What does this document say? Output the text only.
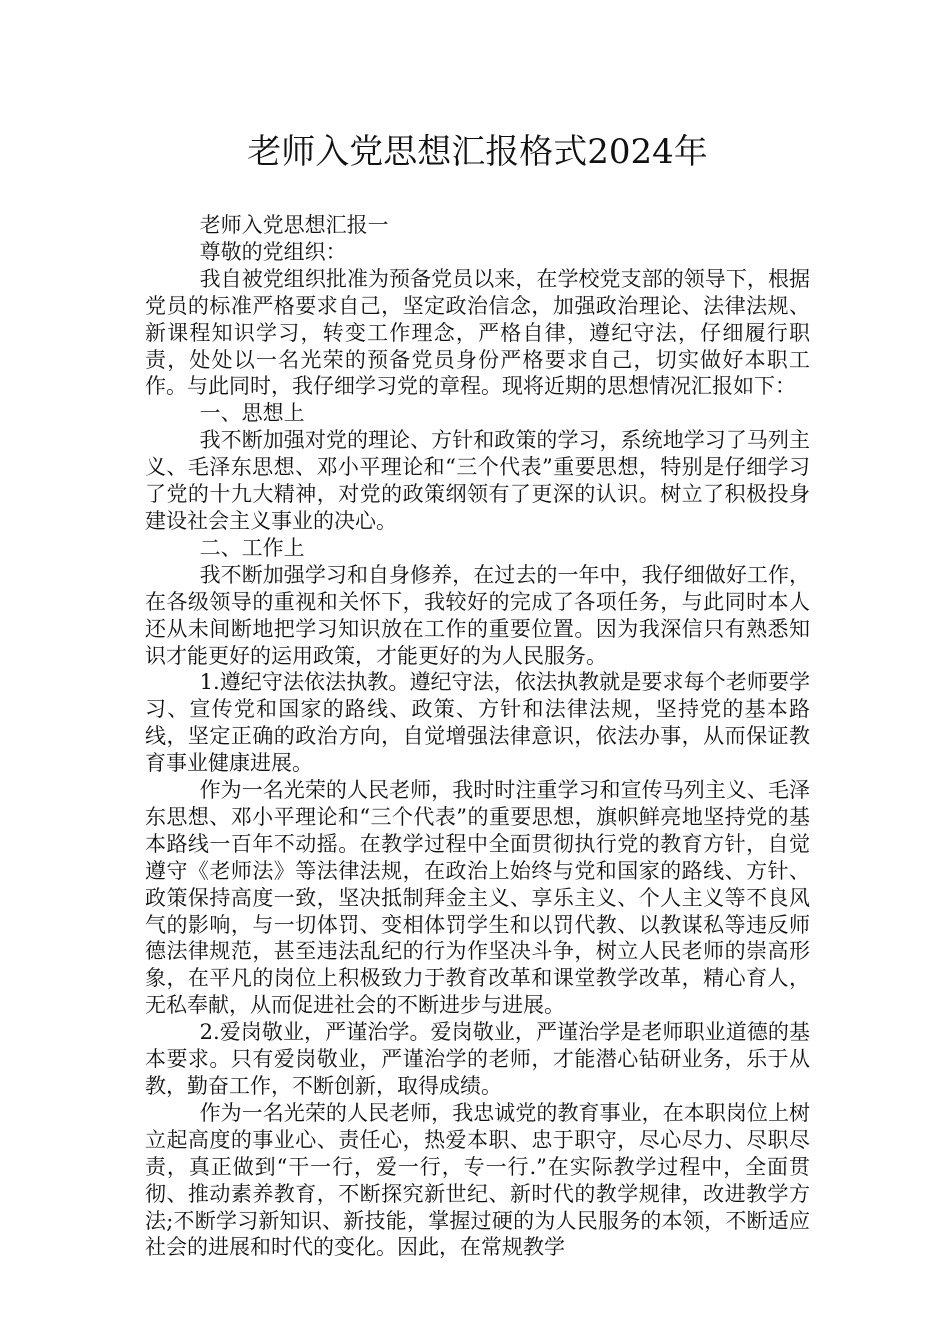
老师入党思想汇报格式2024年

老师入党思想汇报一

尊敬的党组织：

我自被党组织批准为预备党员以来，在学校党支部的领导下，根据党员的标准严格要求自己，坚定政治信念，加强政治理论、法律法规、新课程知识学习，转变工作理念，严格自律，遵纪守法，仔细履行职责，处处以一名光荣的预备党员身份严格要求自己，切实做好本职工作。与此同时，我仔细学习党的章程。现将近期的思想情况汇报如下：

一、思想上

我不断加强对党的理论、方针和政策的学习，系统地学习了马列主义、毛泽东思想、邓小平理论和“三个代表”重要思想，特别是仔细学习了党的十九大精神，对党的政策纲领有了更深的认识。树立了积极投身建设社会主义事业的决心。

二、工作上

我不断加强学习和自身修养，在过去的一年中，我仔细做好工作，在各级领导的重视和关怀下，我较好的完成了各项任务，与此同时本人还从未间断地把学习知识放在工作的重要位置。因为我深信只有熟悉知识才能更好的运用政策，才能更好的为人民服务。

1.遵纪守法依法执教。遵纪守法，依法执教就是要求每个老师要学习、宣传党和国家的路线、政策、方针和法律法规，坚持党的基本路线，坚定正确的政治方向，自觉增强法律意识，依法办事，从而保证教育事业健康进展。

作为一名光荣的人民老师，我时时注重学习和宣传马列主义、毛泽东思想、邓小平理论和“三个代表”的重要思想，旗帜鲜亮地坚持党的基本路线一百年不动摇。在教学过程中全面贯彻执行党的教育方针，自觉遵守《老师法》等法律法规，在政治上始终与党和国家的路线、方针、政策保持高度一致，坚决抵制拜金主义、享乐主义、个人主义等不良风气的影响，与一切体罚、变相体罚学生和以罚代教、以教谋私等违反师德法律规范，甚至违法乱纪的行为作坚决斗争，树立人民老师的崇高形象，在平凡的岗位上积极致力于教育改革和课堂教学改革，精心育人，无私奉献，从而促进社会的不断进步与进展。

2.爱岗敬业，严谨治学。爱岗敬业，严谨治学是老师职业道德的基本要求。只有爱岗敬业，严谨治学的老师，才能潜心钻研业务，乐于从教，勤奋工作，不断创新，取得成绩。

作为一名光荣的人民老师，我忠诚党的教育事业，在本职岗位上树立起高度的事业心、责任心，热爱本职、忠于职守，尽心尽力、尽职尽责，真正做到“干一行，爱一行，专一行.”在实际教学过程中，全面贯彻、推动素养教育，不断探究新世纪、新时代的教学规律，改进教学方法;不断学习新知识、新技能，掌握过硬的为人民服务的本领，不断适应社会的进展和时代的变化。因此，在常规教学
